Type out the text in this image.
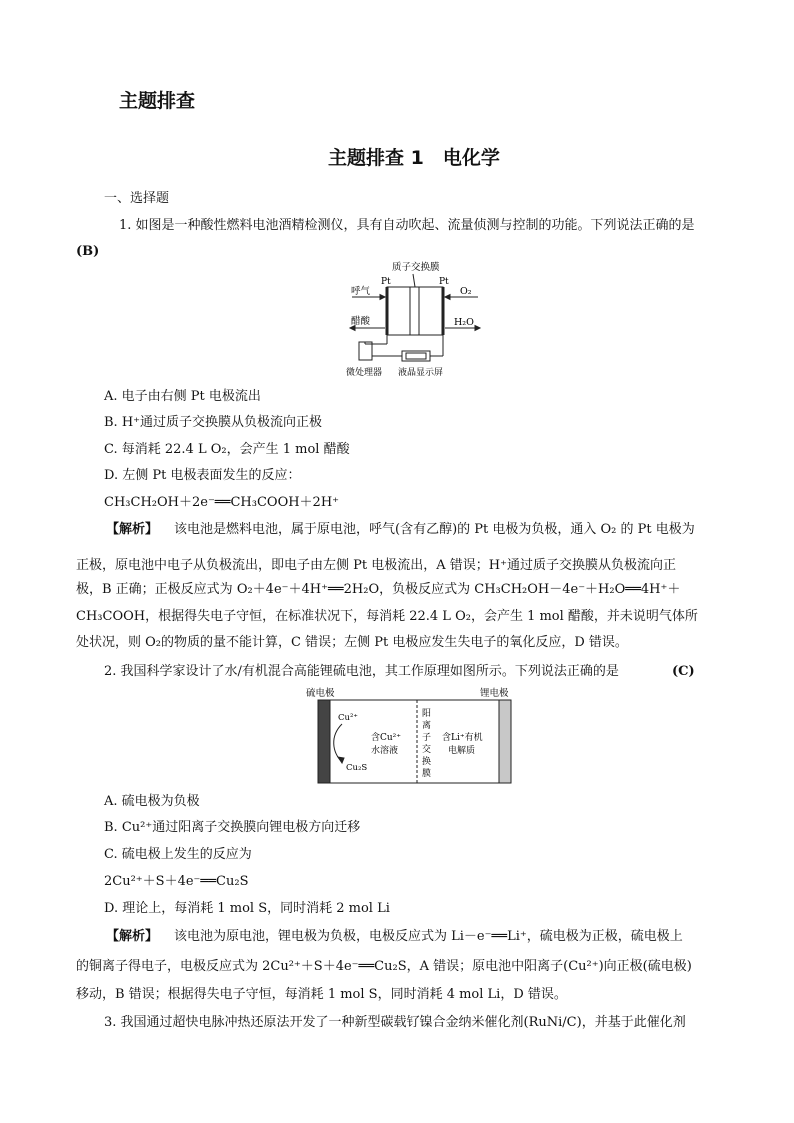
主题排查
主题排查 1　电化学
一、选择题
1. 如图是一种酸性燃料电池酒精检测仪，具有自动吹起、流量侦测与控制的功能。下列说法正确的是
(B)
质子交换膜
Pt	Pt
呼气	O₂
醋酸	H₂O
微处理器 液晶显示屏
A. 电子由右侧 Pt 电极流出
B. H⁺通过质子交换膜从负极流向正极
C. 每消耗 22.4 L O₂，会产生 1 mol 醋酸
D. 左侧 Pt 电极表面发生的反应：
CH₃CH₂OH＋2e⁻══CH₃COOH＋2H⁺
【解析】 该电池是燃料电池，属于原电池，呼气(含有乙醇)的 Pt 电极为负极，通入 O₂ 的 Pt 电极为
正极，原电池中电子从负极流出，即电子由左侧 Pt 电极流出，A 错误；H⁺通过质子交换膜从负极流向正
极，B 正确；正极反应式为 O₂＋4e⁻＋4H⁺══2H₂O，负极反应式为 CH₃CH₂OH－4e⁻＋H₂O══4H⁺＋
CH₃COOH，根据得失电子守恒，在标准状况下，每消耗 22.4 L O₂，会产生 1 mol 醋酸，并未说明气体所
处状况，则 O₂的物质的量不能计算，C 错误；左侧 Pt 电极应发生失电子的氧化反应，D 错误。
2. 我国科学家设计了水/有机混合高能锂硫电池，其工作原理如图所示。下列说法正确的是	(C)
硫电极	锂电极
Cu²⁺
Cu₂S
含Cu²⁺
水溶液
阳
离
子
交
换
膜
含Li⁺有机
电解质
A. 硫电极为负极
B. Cu²⁺通过阳离子交换膜向锂电极方向迁移
C. 硫电极上发生的反应为
2Cu²⁺＋S＋4e⁻══Cu₂S
D. 理论上，每消耗 1 mol S，同时消耗 2 mol Li
【解析】 该电池为原电池，锂电极为负极，电极反应式为 Li－e⁻══Li⁺，硫电极为正极，硫电极上
的铜离子得电子，电极反应式为 2Cu²⁺＋S＋4e⁻══Cu₂S，A 错误；原电池中阳离子(Cu²⁺)向正极(硫电极)
移动，B 错误；根据得失电子守恒，每消耗 1 mol S，同时消耗 4 mol Li，D 错误。
3. 我国通过超快电脉冲热还原法开发了一种新型碳载钌镍合金纳米催化剂(RuNi/C)，并基于此催化剂
